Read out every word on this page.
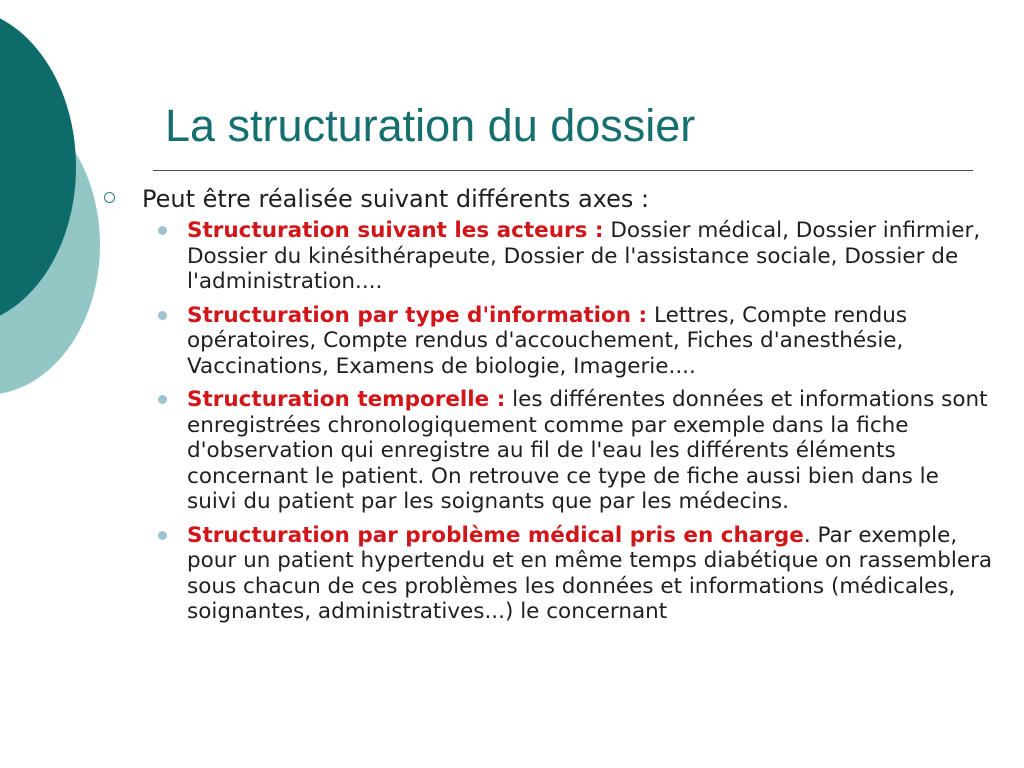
La structuration du dossier
Peut être réalisée suivant différents axes :
Structuration suivant les acteurs : Dossier médical, Dossier infirmier, Dossier du kinésithérapeute, Dossier de l'assistance sociale, Dossier de l'administration....
Structuration par type d'information : Lettres, Compte rendus opératoires, Compte rendus d'accouchement, Fiches d'anesthésie, Vaccinations, Examens de biologie, Imagerie....
Structuration temporelle : les différentes données et informations sont enregistrées chronologiquement comme par exemple dans la fiche d'observation qui enregistre au fil de l'eau les différents éléments concernant le patient. On retrouve ce type de fiche aussi bien dans le suivi du patient par les soignants que par les médecins.
Structuration par problème médical pris en charge. Par exemple, pour un patient hypertendu et en même temps diabétique on rassemblera sous chacun de ces problèmes les données et informations (médicales, soignantes, administratives...) le concernant
